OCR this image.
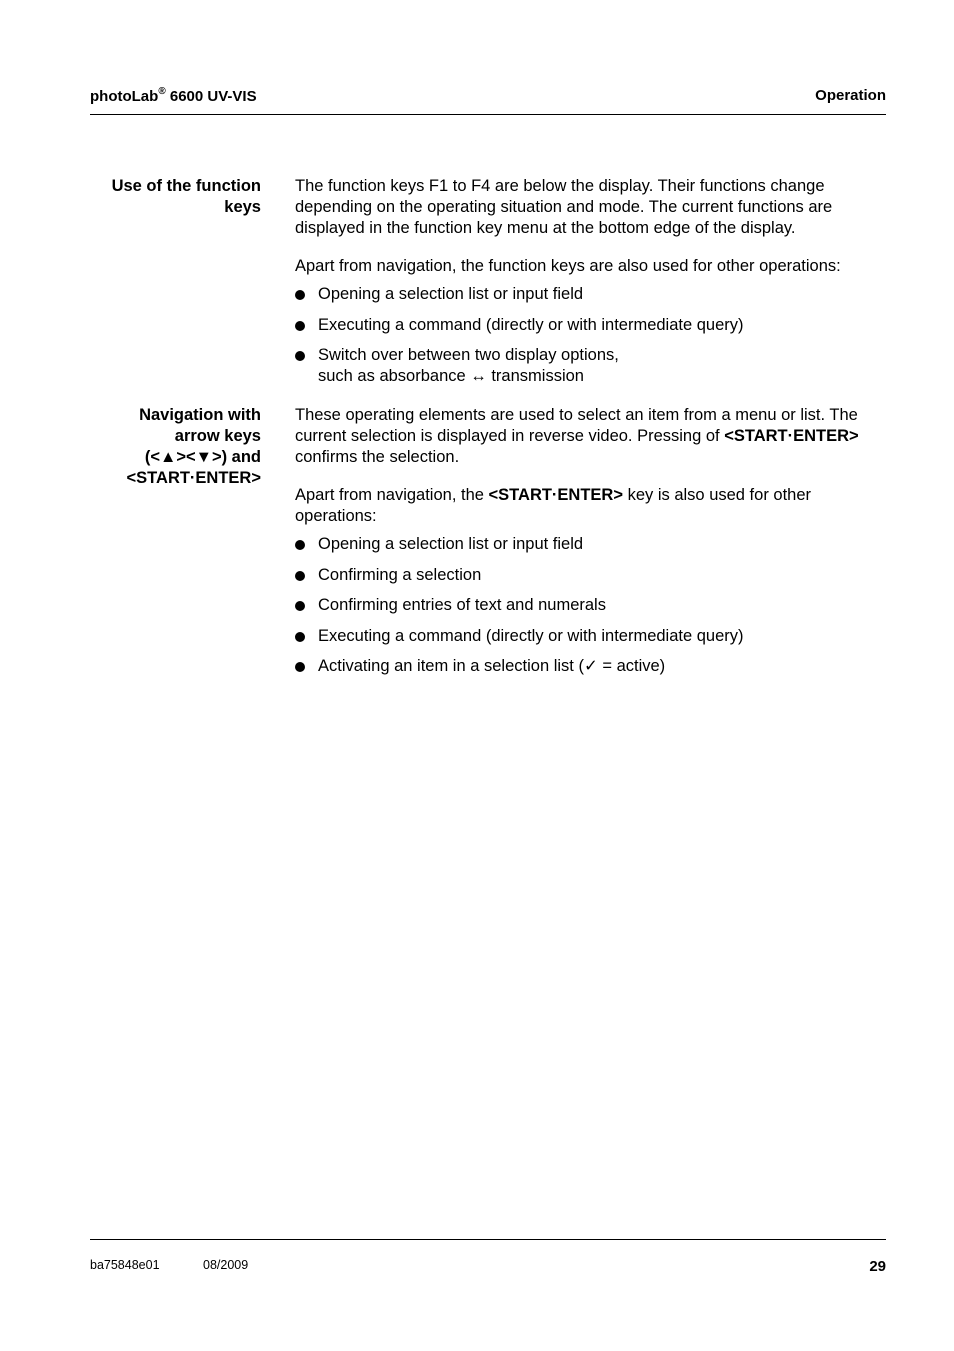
photoLab® 6600 UV-VIS	Operation
Use of the function
keys

The function keys F1 to F4 are below the display. Their functions change depending on the operating situation and mode. The current functions are displayed in the function key menu at the bottom edge of the display.

Apart from navigation, the function keys are also used for other operations:

Opening a selection list or input field
Executing a command (directly or with intermediate query)
Switch over between two display options,
such as absorbance ↔ transmission
Navigation with
arrow keys
(<▲><▼>) and
<START·ENTER>

These operating elements are used to select an item from a menu or list. The current selection is displayed in reverse video. Pressing of <START·ENTER> confirms the selection.

Apart from navigation, the <START·ENTER> key is also used for other operations:

Opening a selection list or input field
Confirming a selection
Confirming entries of text and numerals
Executing a command (directly or with intermediate query)
Activating an item in a selection list (✓ = active)
ba75848e01	08/2009	29
